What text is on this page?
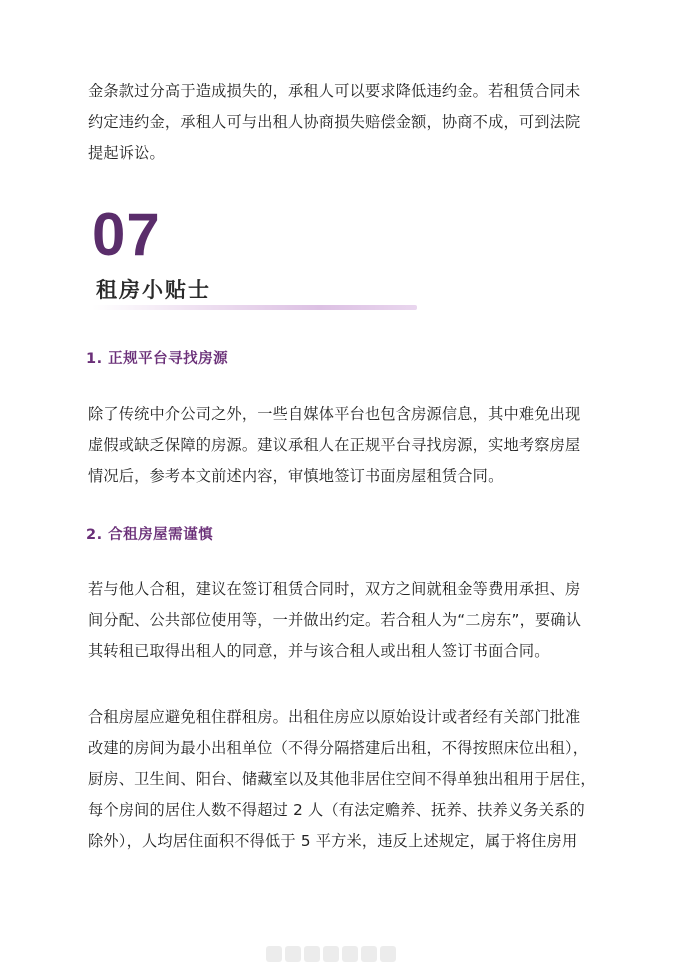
金条款过分高于造成损失的，承租人可以要求降低违约金。若租赁合同未
约定违约金，承租人可与出租人协商损失赔偿金额，协商不成，可到法院
提起诉讼。

07
租房小贴士
1. 正规平台寻找房源

除了传统中介公司之外，一些自媒体平台也包含房源信息，其中难免出现
虚假或缺乏保障的房源。建议承租人在正规平台寻找房源，实地考察房屋
情况后，参考本文前述内容，审慎地签订书面房屋租赁合同。

2. 合租房屋需谨慎

若与他人合租，建议在签订租赁合同时，双方之间就租金等费用承担、房
间分配、公共部位使用等，一并做出约定。若合租人为“二房东”，要确认
其转租已取得出租人的同意，并与该合租人或出租人签订书面合同。

合租房屋应避免租住群租房。出租住房应以原始设计或者经有关部门批准
改建的房间为最小出租单位（不得分隔搭建后出租，不得按照床位出租），
厨房、卫生间、阳台、储藏室以及其他非居住空间不得单独出租用于居住，
每个房间的居住人数不得超过 2 人（有法定赡养、抚养、扶养义务关系的
除外），人均居住面积不得低于 5 平方米，违反上述规定，属于将住房用
